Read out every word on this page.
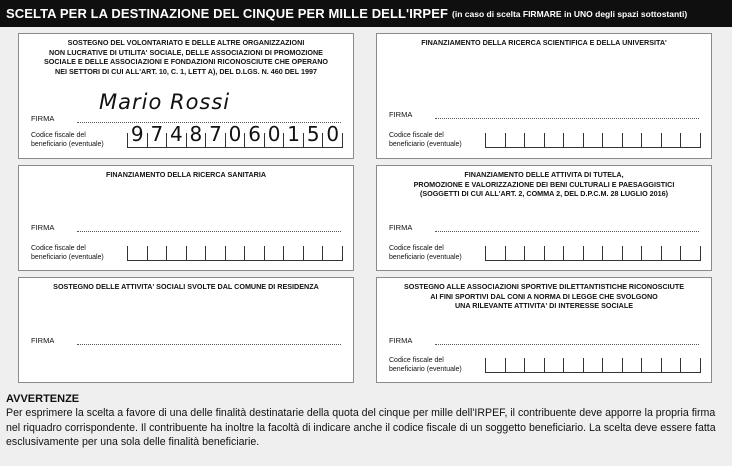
SCELTA PER LA DESTINAZIONE DEL CINQUE PER MILLE DELL'IRPEF (in caso di scelta FIRMARE in UNO degli spazi sottostanti)
SOSTEGNO DEL VOLONTARIATO E DELLE ALTRE ORGANIZZAZIONI
NON LUCRATIVE DI UTILITA' SOCIALE, DELLE ASSOCIAZIONI DI PROMOZIONE
SOCIALE E DELLE ASSOCIAZIONI E FONDAZIONI RICONOSCIUTE CHE OPERANO
NEI SETTORI DI CUI ALL'ART. 10, C. 1, LETT A), DEL D.LGS. N. 460 DEL 1997
Mario Rossi
FIRMA
Codice fiscale del
beneficiario (eventuale)	9 7 4 8 7 0 6 0 1 5 0
FINANZIAMENTO DELLA RICERCA SCIENTIFICA E DELLA UNIVERSITA'
FIRMA
Codice fiscale del
beneficiario (eventuale)
FINANZIAMENTO DELLA RICERCA SANITARIA
FIRMA
Codice fiscale del
beneficiario (eventuale)
FINANZIAMENTO DELLE ATTIVITA DI TUTELA,
PROMOZIONE E VALORIZZAZIONE DEI BENI CULTURALI E PAESAGGISTICI
(SOGGETTI DI CUI ALL'ART. 2, COMMA 2, DEL D.P.C.M. 28 LUGLIO 2016)
FIRMA
Codice fiscale del
beneficiario (eventuale)
SOSTEGNO DELLE ATTIVITA' SOCIALI SVOLTE DAL COMUNE DI RESIDENZA
FIRMA
SOSTEGNO ALLE ASSOCIAZIONI SPORTIVE DILETTANTISTICHE RICONOSCIUTE
AI FINI SPORTIVI DAL CONI A NORMA DI LEGGE CHE SVOLGONO
UNA RILEVANTE ATTIVITA' DI INTERESSE SOCIALE
FIRMA
Codice fiscale del
beneficiario (eventuale)
AVVERTENZE
Per esprimere la scelta a favore di una delle finalità destinatarie della quota del cinque per mille dell'IRPEF, il contribuente deve apporre la propria firma nel riquadro corrispondente. Il contribuente ha inoltre la facoltà di indicare anche il codice fiscale di un soggetto beneficiario. La scelta deve essere fatta esclusivamente per una sola delle finalità beneficiarie.
